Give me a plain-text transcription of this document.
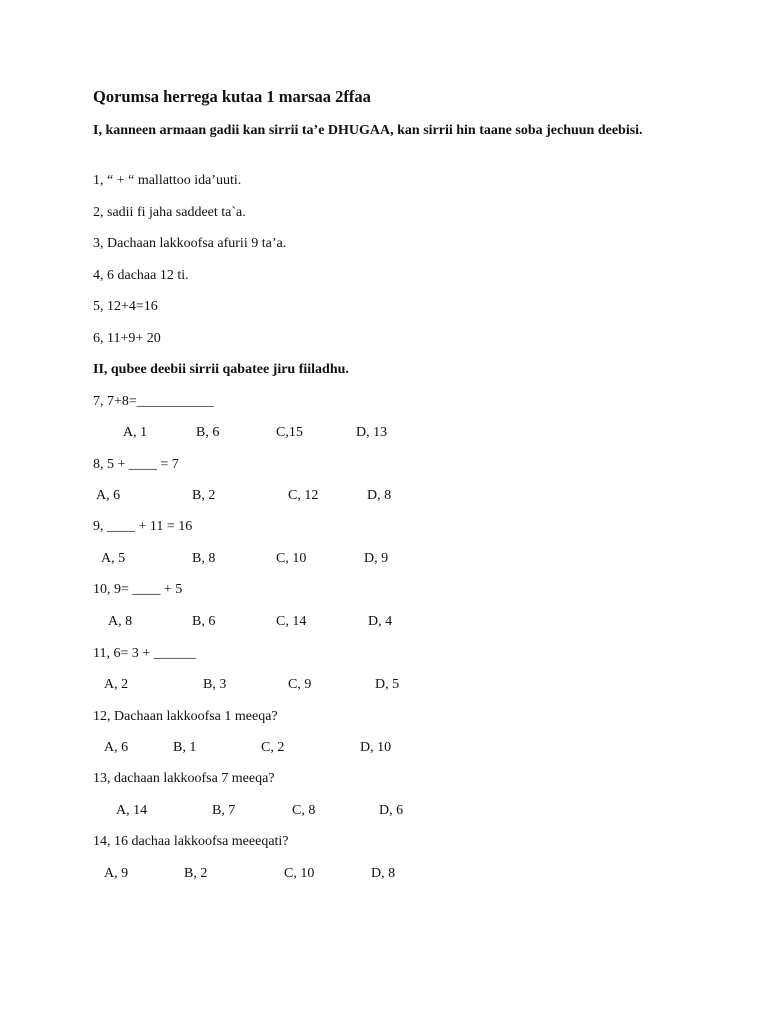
Qorumsa herrega kutaa 1 marsaa 2ffaa
I, kanneen armaan gadii kan sirrii ta’e DHUGAA, kan sirrii hin taane soba jechuun deebisi.
1, “ + “ mallattoo ida’uuti.
2, sadii fi jaha saddeet ta`a.
3, Dachaan lakkoofsa afurii 9 ta’a.
4, 6 dachaa 12 ti.
5, 12+4=16
6, 11+9+ 20
II, qubee deebii sirrii qabatee jiru fiiladhu.
7, 7+8=___________
A, 1	B, 6	C,15	D, 13
8, 5 + ____ = 7
A, 6	B, 2	C, 12	D, 8
9, ____ + 11 = 16
A, 5	B, 8	C, 10	D, 9
10, 9= ____ + 5
A, 8	B, 6	C, 14	D, 4
11, 6= 3 + ______
A, 2	B, 3	C, 9	D, 5
12, Dachaan lakkoofsa 1 meeqa?
A, 6	B, 1	C, 2	D, 10
13, dachaan lakkoofsa 7 meeqa?
A, 14	B, 7	C, 8	D, 6
14, 16 dachaa lakkoofsa meeeqati?
A, 9	B, 2	C, 10	D, 8
